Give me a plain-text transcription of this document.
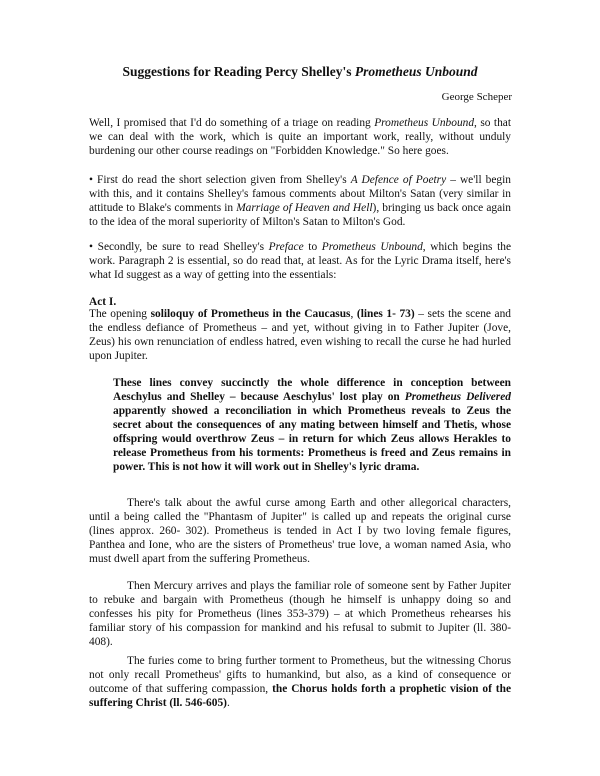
Suggestions for Reading Percy Shelley's Prometheus Unbound
George Scheper

Well, I promised that I'd do something of a triage on reading Prometheus Unbound, so that we can deal with the work, which is quite an important work, really, without unduly burdening our other course readings on "Forbidden Knowledge." So here goes.

• First do read the short selection given from Shelley's A Defence of Poetry – we'll begin with this, and it contains Shelley's famous comments about Milton's Satan (very similar in attitude to Blake's comments in Marriage of Heaven and Hell), bringing us back once again to the idea of the moral superiority of Milton's Satan to Milton's God.

• Secondly, be sure to read Shelley's Preface to Prometheus Unbound, which begins the work. Paragraph 2 is essential, so do read that, at least. As for the Lyric Drama itself, here's what Id suggest as a way of getting into the essentials:

Act I.

The opening soliloquy of Prometheus in the Caucasus, (lines 1- 73) – sets the scene and the endless defiance of Prometheus – and yet, without giving in to Father Jupiter (Jove, Zeus) his own renunciation of endless hatred, even wishing to recall the curse he had hurled upon Jupiter.

These lines convey succinctly the whole difference in conception between Aeschylus and Shelley – because Aeschylus' lost play on Prometheus Delivered apparently showed a reconciliation in which Prometheus reveals to Zeus the secret about the consequences of any mating between himself and Thetis, whose offspring would overthrow Zeus – in return for which Zeus allows Herakles to release Prometheus from his torments: Prometheus is freed and Zeus remains in power. This is not how it will work out in Shelley's lyric drama.

There's talk about the awful curse among Earth and other allegorical characters, until a being called the "Phantasm of Jupiter" is called up and repeats the original curse (lines approx. 260- 302). Prometheus is tended in Act I by two loving female figures, Panthea and Ione, who are the sisters of Prometheus' true love, a woman named Asia, who must dwell apart from the suffering Prometheus.

Then Mercury arrives and plays the familiar role of someone sent by Father Jupiter to rebuke and bargain with Prometheus (though he himself is unhappy doing so and confesses his pity for Prometheus (lines 353-379) – at which Prometheus rehearses his familiar story of his compassion for mankind and his refusal to submit to Jupiter (ll. 380-408).

The furies come to bring further torment to Prometheus, but the witnessing Chorus not only recall Prometheus' gifts to humankind, but also, as a kind of consequence or outcome of that suffering compassion, the Chorus holds forth a prophetic vision of the suffering Christ (ll. 546-605).
